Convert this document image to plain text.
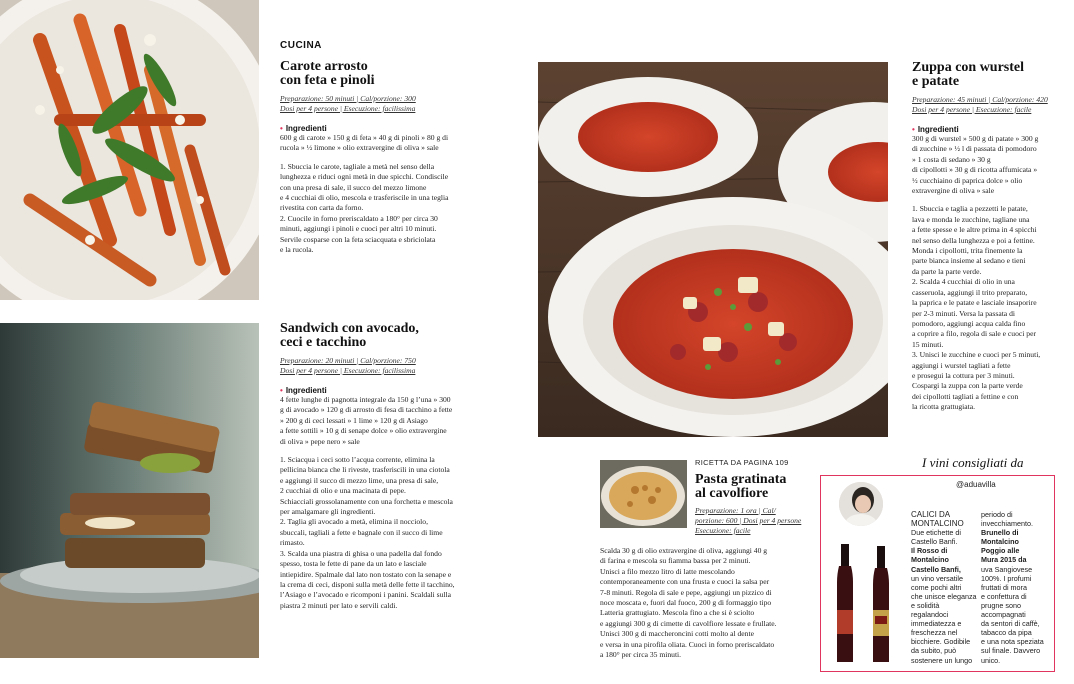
CUCINA
Carote arrosto
con feta e pinoli
Preparazione: 50 minuti | Cal/porzione: 300
Dosi per 4 persone | Esecuzione: facilissima
• Ingredienti
600 g di carote » 150 g di feta » 40 g di pinoli » 80 g di
rucola » ½ limone » olio extravergine di oliva » sale
1. Sbuccia le carote, tagliale a metà nel senso della
lunghezza e riduci ogni metà in due spicchi. Condiscile
con una presa di sale, il succo del mezzo limone
e 4 cucchiai di olio, mescola e trasferiscile in una teglia
rivestita con carta da forno.
2. Cuocile in forno preriscaldato a 180° per circa 30
minuti, aggiungi i pinoli e cuoci per altri 10 minuti.
Servile cosparse con la feta sciacquata e sbriciolata
e la rucola.
Sandwich con avocado,
ceci e tacchino
Preparazione: 20 minuti | Cal/porzione: 750
Dosi per 4 persone | Esecuzione: facilissima
• Ingredienti
4 fette lunghe di pagnotta integrale da 150 g l’una » 300
g di avocado » 120 g di arrosto di fesa di tacchino a fette
» 200 g di ceci lessati » 1 lime » 120 g di Asiago
a fette sottili » 10 g di senape dolce » olio extravergine
di oliva » pepe nero » sale
1. Sciacqua i ceci sotto l’acqua corrente, elimina la
pellicina bianca che li riveste, trasferiscili in una ciotola
e aggiungi il succo di mezzo lime, una presa di sale,
2 cucchiai di olio e una macinata di pepe.
Schiacciali grossolanamente con una forchetta e mescola
per amalgamare gli ingredienti.
2. Taglia gli avocado a metà, elimina il nocciolo,
sbuccali, tagliali a fette e bagnale con il succo di lime
rimasto.
3. Scalda una piastra di ghisa o una padella dal fondo
spesso, tosta le fette di pane da un lato e lasciale
intiepidire. Spalmale dal lato non tostato con la senape e
la crema di ceci, disponi sulla metà delle fette il tacchino,
l’Asiago e l’avocado e ricomponi i panini. Scaldali sulla
piastra 2 minuti per lato e servili caldi.
Zuppa con wurstel
e patate
Preparazione: 45 minuti | Cal/porzione: 420
Dosi per 4 persone | Esecuzione: facile
• Ingredienti
300 g di wurstel » 500 g di patate » 300 g
di zucchine » ½ l di passata di pomodoro
» 1 costa di sedano » 30 g
di cipollotti » 30 g di ricotta affumicata »
½ cucchiaino di paprica dolce » olio
extravergine di oliva » sale
1. Sbuccia e taglia a pezzetti le patate,
lava e monda le zucchine, tagliane una
a fette spesse e le altre prima in 4 spicchi
nel senso della lunghezza e poi a fettine.
Monda i cipollotti, trita finemente la
parte bianca insieme al sedano e tieni
da parte la parte verde.
2. Scalda 4 cucchiai di olio in una
casseruola, aggiungi il trito preparato,
la paprica e le patate e lasciale insaporire
per 2-3 minuti. Versa la passata di
pomodoro, aggiungi acqua calda fino
a coprire a filo, regola di sale e cuoci per
15 minuti.
3. Unisci le zucchine e cuoci per 5 minuti,
aggiungi i wurstel tagliati a fette
e prosegui la cottura per 3 minuti.
Cospargi la zuppa con la parte verde
dei cipollotti tagliati a fettine e con
la ricotta grattugiata.
RICETTA DA PAGINA 109
Pasta gratinata
al cavolfiore
Preparazione: 1 ora | Cal/
porzione: 600 | Dosi per 4 persone
Esecuzione: facile
Scalda 30 g di olio extravergine di oliva, aggiungi 40 g
di farina e mescola su fiamma bassa per 2 minuti.
Unisci a filo mezzo litro di latte mescolando
contemporaneamente con una frusta e cuoci la salsa per
7-8 minuti. Regola di sale e pepe, aggiungi un pizzico di
noce moscata e, fuori dal fuoco, 200 g di formaggio tipo
Latteria grattugiato. Mescola fino a che si è sciolto
e aggiungi 300 g di cimette di cavolfiore lessate e frullate.
Unisci 300 g di maccheroncini cotti molto al dente
e versa in una pirofila oliata. Cuoci in forno preriscaldato
a 180° per circa 35 minuti.
I vini consigliati da
@aduavilla
CALICI DA
MONTALCINO
Due etichette di
Castello Banfi.
Il Rosso di
Montalcino
Castello Banfi,
un vino versatile
come pochi altri
che unisce eleganza
e solidità
regalandoci
immediatezza e
freschezza nel
bicchiere. Godibile
da subito, può
sostenere un lungo
periodo di
invecchiamento.
Brunello di
Montalcino
Poggio alle
Mura 2015 da
uva Sangiovese
100%. I profumi
fruttati di mora
e confettura di
prugne sono
accompagnati
da sentori di caffè,
tabacco da pipa
e una nota speziata
sul finale. Davvero
unico.
